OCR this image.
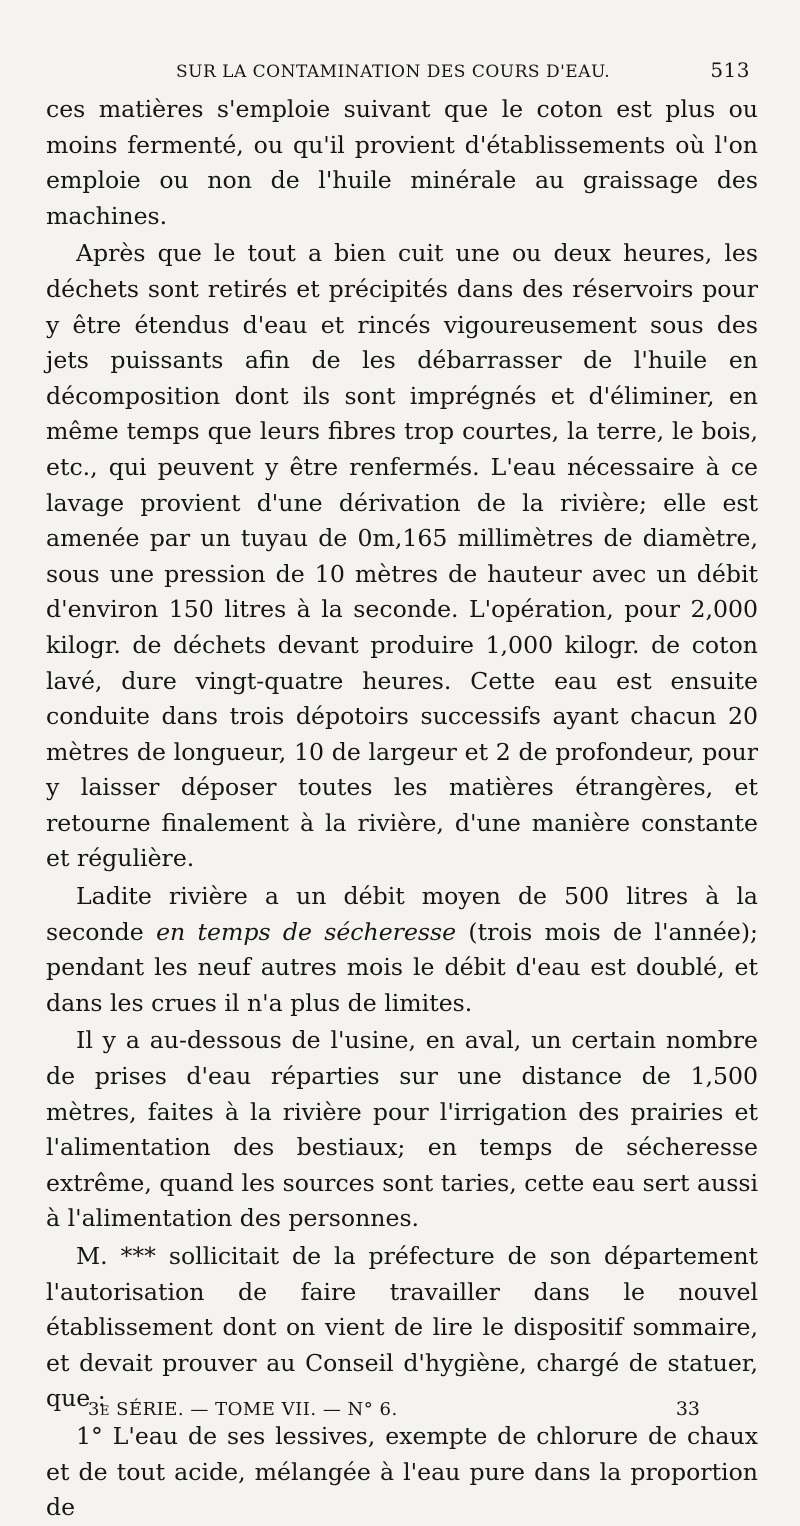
SUR LA CONTAMINATION DES COURS D'EAU.	513

ces matières s'emploie suivant que le coton est plus ou moins fermenté, ou qu'il provient d'établissements où l'on emploie ou non de l'huile minérale au graissage des machines.

Après que le tout a bien cuit une ou deux heures, les déchets sont retirés et précipités dans des réservoirs pour y être étendus d'eau et rincés vigoureusement sous des jets puissants afin de les débarrasser de l'huile en décomposition dont ils sont imprégnés et d'éliminer, en même temps que leurs fibres trop courtes, la terre, le bois, etc., qui peuvent y être renfermés. L'eau nécessaire à ce lavage provient d'une dérivation de la rivière; elle est amenée par un tuyau de 0m,165 millimètres de diamètre, sous une pression de 10 mètres de hauteur avec un débit d'environ 150 litres à la seconde. L'opération, pour 2,000 kilogr. de déchets devant produire 1,000 kilogr. de coton lavé, dure vingt-quatre heures. Cette eau est ensuite conduite dans trois dépotoirs successifs ayant chacun 20 mètres de longueur, 10 de largeur et 2 de profondeur, pour y laisser déposer toutes les matières étrangères, et retourne finalement à la rivière, d'une manière constante et régulière.

Ladite rivière a un débit moyen de 500 litres à la seconde en temps de sécheresse (trois mois de l'année); pendant les neuf autres mois le débit d'eau est doublé, et dans les crues il n'a plus de limites.

Il y a au-dessous de l'usine, en aval, un certain nombre de prises d'eau réparties sur une distance de 1,500 mètres, faites à la rivière pour l'irrigation des prairies et l'alimentation des bestiaux; en temps de sécheresse extrême, quand les sources sont taries, cette eau sert aussi à l'alimentation des personnes.

M. *** sollicitait de la préfecture de son département l'autorisation de faire travailler dans le nouvel établissement dont on vient de lire le dispositif sommaire, et devait prouver au Conseil d'hygiène, chargé de statuer, que :

1° L'eau de ses lessives, exempte de chlorure de chaux et de tout acide, mélangée à l'eau pure dans la proportion de

3e SÉRIE. — TOME VII. — N° 6.	33
